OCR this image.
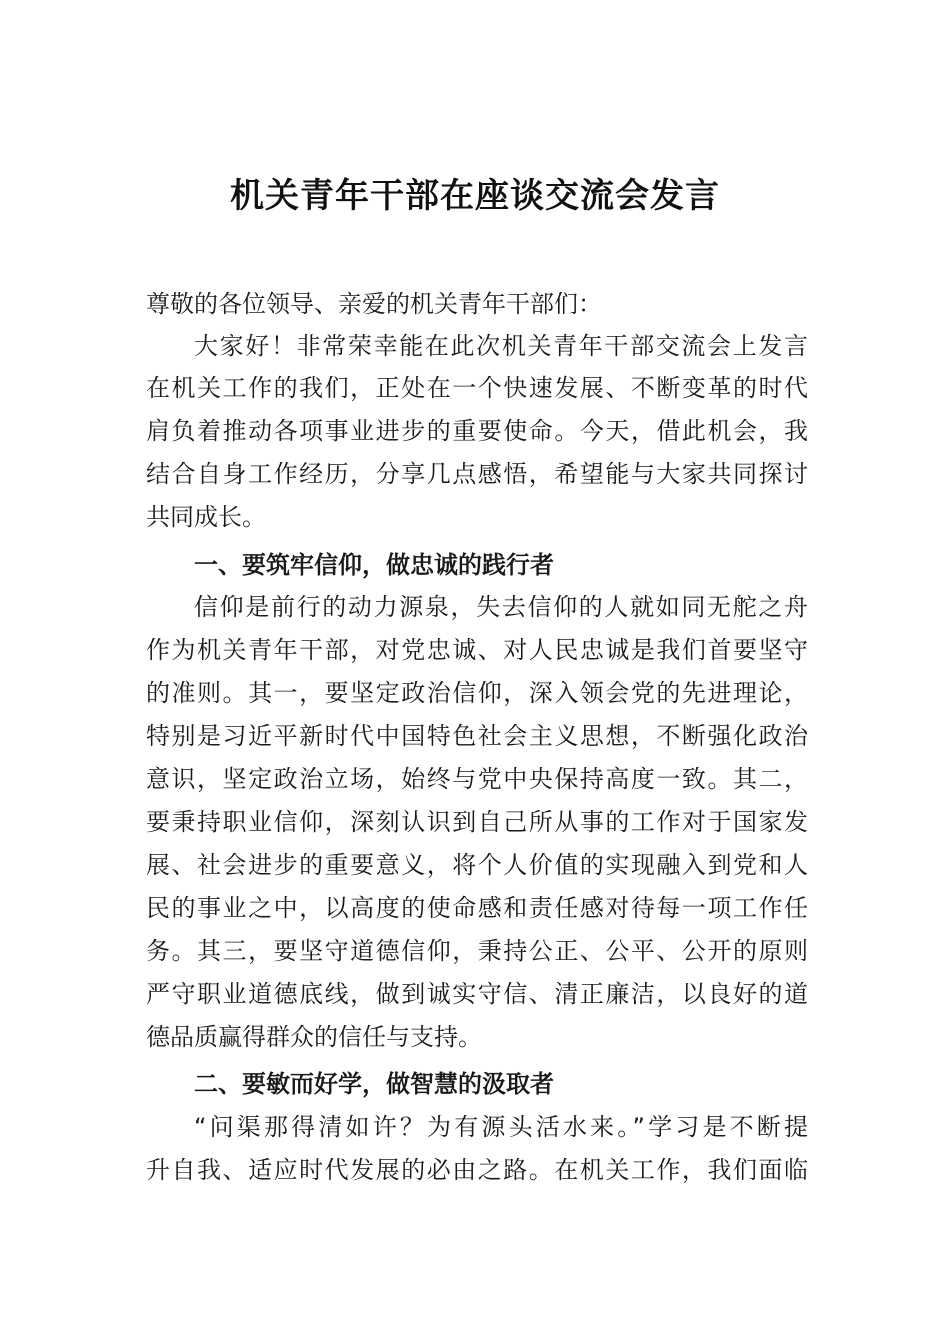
机关青年干部在座谈交流会发言
尊敬的各位领导、亲爱的机关青年干部们：
大家好！非常荣幸能在此次机关青年干部交流会上发言
在机关工作的我们，正处在一个快速发展、不断变革的时代
肩负着推动各项事业进步的重要使命。今天，借此机会，我
结合自身工作经历，分享几点感悟，希望能与大家共同探讨
共同成长。
一、要筑牢信仰，做忠诚的践行者
信仰是前行的动力源泉，失去信仰的人就如同无舵之舟
作为机关青年干部，对党忠诚、对人民忠诚是我们首要坚守
的准则。其一，要坚定政治信仰，深入领会党的先进理论，
特别是习近平新时代中国特色社会主义思想，不断强化政治
意识，坚定政治立场，始终与党中央保持高度一致。其二，
要秉持职业信仰，深刻认识到自己所从事的工作对于国家发
展、社会进步的重要意义，将个人价值的实现融入到党和人
民的事业之中，以高度的使命感和责任感对待每一项工作任
务。其三，要坚守道德信仰，秉持公正、公平、公开的原则
严守职业道德底线，做到诚实守信、清正廉洁，以良好的道
德品质赢得群众的信任与支持。
二、要敏而好学，做智慧的汲取者
“问渠那得清如许？为有源头活水来。”学习是不断提
升自我、适应时代发展的必由之路。在机关工作，我们面临
